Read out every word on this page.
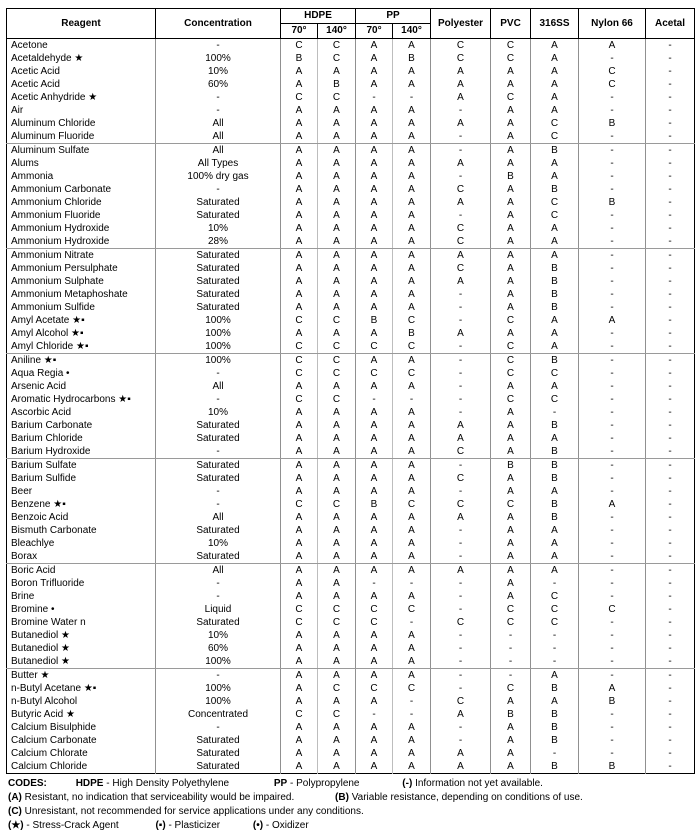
Reagent	Concentration	HDPE		PP		Polyester	PVC	316SS	Nylon 66	Acetal
		70°	140°	70°	140°					
Acetone	-	C	C	A	A	C	C	A	A	-
Acetaldehyde ★	100%	B	C	A	B	C	C	A	-	-
Acetic Acid	10%	A	A	A	A	A	A	A	C	-
Acetic Acid	60%	A	B	A	A	A	A	A	C	-
Acetic Anhydride ★	-	C	C	-	-	A	C	A	-	-
Air	-	A	A	A	A	-	A	A	-	-
Aluminum Chloride	All	A	A	A	A	A	A	C	B	-
Aluminum Fluoride	All	A	A	A	A	-	A	C	-	-
Aluminum Sulfate	All	A	A	A	A	-	A	B	-	-
Alums	All Types	A	A	A	A	A	A	A	-	-
Ammonia	100% dry gas	A	A	A	A	-	B	A	-	-
Ammonium Carbonate	-	A	A	A	A	C	A	B	-	-
Ammonium Chloride	Saturated	A	A	A	A	A	A	C	B	-
Ammonium Fluoride	Saturated	A	A	A	A	-	A	C	-	-
Ammonium Hydroxide	10%	A	A	A	A	C	A	A	-	-
Ammonium Hydroxide	28%	A	A	A	A	C	A	A	-	-
Ammonium Nitrate	Saturated	A	A	A	A	A	A	A	-	-
Ammonium Persulphate	Saturated	A	A	A	A	C	A	B	-	-
Ammonium Sulphate	Saturated	A	A	A	A	A	A	B	-	-
Ammonium Metaphoshate	Saturated	A	A	A	A	-	A	B	-	-
Ammonium Sulfide	Saturated	A	A	A	A	-	A	B	-	-
Amyl Acetate ★▪	100%	C	C	B	C	-	C	A	A	-
Amyl Alcohol ★▪	100%	A	A	A	B	A	A	A	-	-
Amyl Chloride ★▪	100%	C	C	C	C	-	C	A	-	-
Aniline ★▪	100%	C	C	A	A	-	C	B	-	-
Aqua Regia •	-	C	C	C	C	-	C	C	-	-
Arsenic Acid	All	A	A	A	A	-	A	A	-	-
Aromatic Hydrocarbons ★▪	-	C	C	-	-	-	C	C	-	-
Ascorbic Acid	10%	A	A	A	A	-	A	-	-	-
Barium Carbonate	Saturated	A	A	A	A	A	A	B	-	-
Barium Chloride	Saturated	A	A	A	A	A	A	A	-	-
Barium Hydroxide	-	A	A	A	A	C	A	B	-	-
Barium Sulfate	Saturated	A	A	A	A	-	B	B	-	-
Barium Sulfide	Saturated	A	A	A	A	C	A	B	-	-
Beer	-	A	A	A	A	-	A	A	-	-
Benzene ★▪	-	C	C	B	C	C	C	B	A	-
Benzoic Acid	All	A	A	A	A	A	A	B	-	-
Bismuth Carbonate	Saturated	A	A	A	A	-	A	A	-	-
Bleachlye	10%	A	A	A	A	-	A	A	-	-
Borax	Saturated	A	A	A	A	-	A	A	-	-
Boric Acid	All	A	A	A	A	A	A	A	-	-
Boron Trifluoride	-	A	A	-	-	-	A	-	-	-
Brine	-	A	A	A	A	-	A	C	-	-
Bromine •	Liquid	C	C	C	C	-	C	C	C	-
Bromine Water n	Saturated	C	C	C	-	C	C	C	-	-
Butanediol ★	10%	A	A	A	A	-	-	-	-	-
Butanediol ★	60%	A	A	A	A	-	-	-	-	-
Butanediol ★	100%	A	A	A	A	-	-	-	-	-
Butter ★	-	A	A	A	A	-	-	A	-	-
n-Butyl Acetane ★▪	100%	A	C	C	C	-	C	B	A	-
n-Butyl Alcohol	100%	A	A	A	-	C	A	A	B	-
Butyric Acid ★	Concentrated	C	C	-	-	A	B	B	-	-
Calcium Bisulphide	-	A	A	A	A	-	A	B	-	-
Calcium Carbonate	Saturated	A	A	A	A	-	A	B	-	-
Calcium Chlorate	Saturated	A	A	A	A	A	A	-	-	-
Calcium Chloride	Saturated	A	A	A	A	A	A	B	B	-
CODES:	HDPE - High Density Polyethylene	PP - Polypropylene	(-) Information not yet available.
(A) Resistant, no indication that serviceability would be impaired.	(B) Variable resistance, depending on conditions of use.
(C) Unresistant, not recommended for service applications under any conditions.
(★) - Stress-Crack Agent	(▪) - Plasticizer	(•) - Oxidizer
